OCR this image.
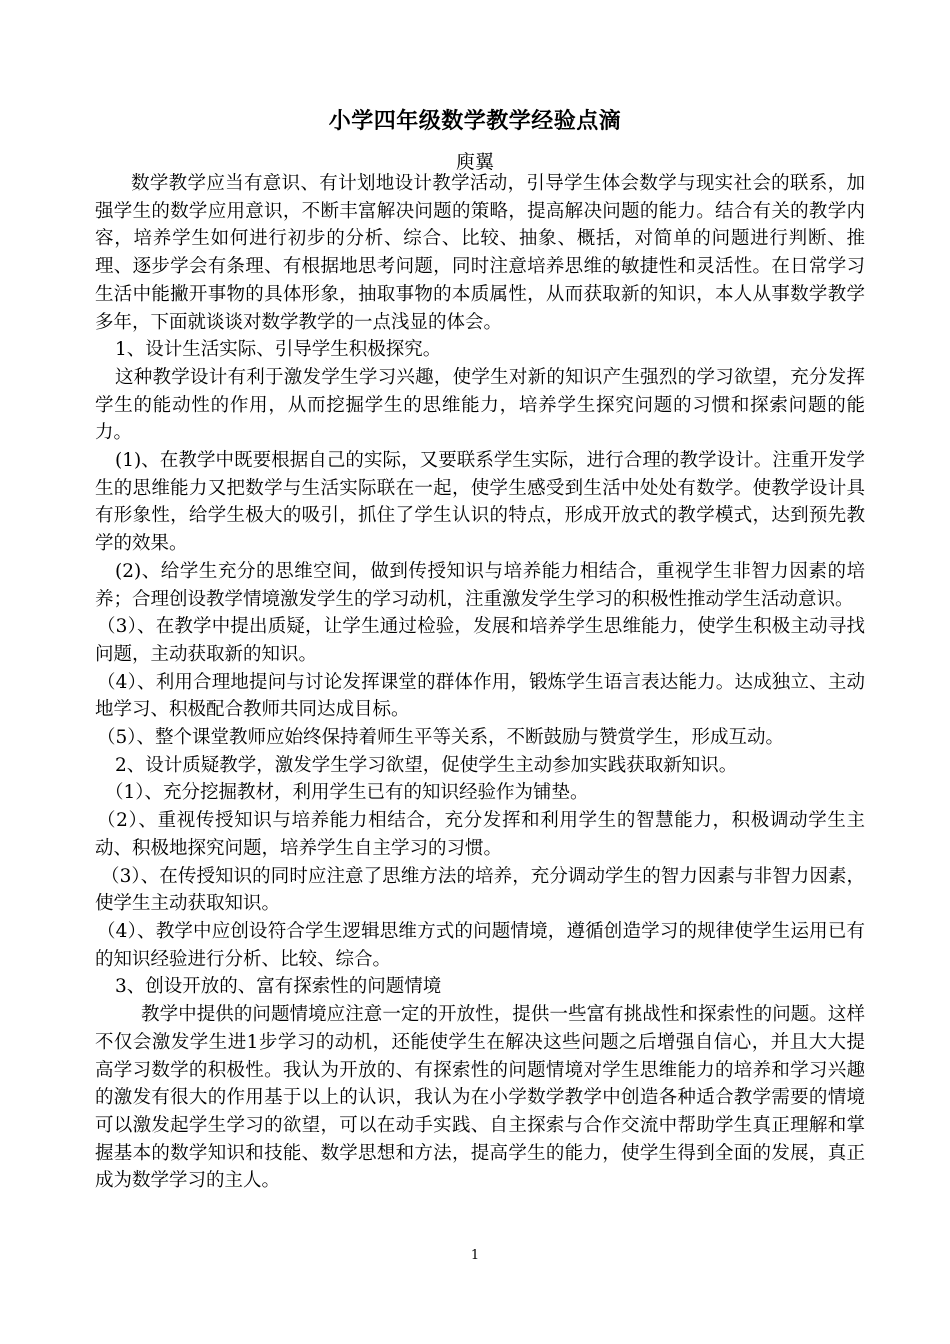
小学四年级数学教学经验点滴
庾翼

数学教学应当有意识、有计划地设计教学活动，引导学生体会数学与现实社会的联系，加强学生的数学应用意识，不断丰富解决问题的策略，提高解决问题的能力。结合有关的教学内容，培养学生如何进行初步的分析、综合、比较、抽象、概括，对简单的问题进行判断、推理、逐步学会有条理、有根据地思考问题，同时注意培养思维的敏捷性和灵活性。在日常学习生活中能撇开事物的具体形象，抽取事物的本质属性，从而获取新的知识，本人从事数学教学多年，下面就谈谈对数学教学的一点浅显的体会。

1、设计生活实际、引导学生积极探究。

这种教学设计有利于激发学生学习兴趣，使学生对新的知识产生强烈的学习欲望，充分发挥学生的能动性的作用，从而挖掘学生的思维能力，培养学生探究问题的习惯和探索问题的能力。

(1)、在教学中既要根据自己的实际，又要联系学生实际，进行合理的教学设计。注重开发学生的思维能力又把数学与生活实际联在一起，使学生感受到生活中处处有数学。使教学设计具有形象性，给学生极大的吸引，抓住了学生认识的特点，形成开放式的教学模式，达到预先教学的效果。

(2)、给学生充分的思维空间，做到传授知识与培养能力相结合，重视学生非智力因素的培养；合理创设教学情境激发学生的学习动机，注重激发学生学习的积极性推动学生活动意识。

（3）、在教学中提出质疑，让学生通过检验，发展和培养学生思维能力，使学生积极主动寻找问题，主动获取新的知识。

（4）、利用合理地提问与讨论发挥课堂的群体作用，锻炼学生语言表达能力。达成独立、主动地学习、积极配合教师共同达成目标。

（5）、整个课堂教师应始终保持着师生平等关系，不断鼓励与赞赏学生，形成互动。

2、设计质疑教学，激发学生学习欲望，促使学生主动参加实践获取新知识。

（1）、充分挖掘教材，利用学生已有的知识经验作为铺垫。

（2）、重视传授知识与培养能力相结合，充分发挥和利用学生的智慧能力，积极调动学生主动、积极地探究问题，培养学生自主学习的习惯。

（3）、在传授知识的同时应注意了思维方法的培养，充分调动学生的智力因素与非智力因素，使学生主动获取知识。

（4）、教学中应创设符合学生逻辑思维方式的问题情境，遵循创造学习的规律使学生运用已有的知识经验进行分析、比较、综合。

3、创设开放的、富有探索性的问题情境

教学中提供的问题情境应注意一定的开放性，提供一些富有挑战性和探索性的问题。这样不仅会激发学生进1步学习的动机，还能使学生在解决这些问题之后增强自信心，并且大大提高学习数学的积极性。我认为开放的、有探索性的问题情境对学生思维能力的培养和学习兴趣的激发有很大的作用基于以上的认识，我认为在小学数学教学中创造各种适合教学需要的情境可以激发起学生学习的欲望，可以在动手实践、自主探索与合作交流中帮助学生真正理解和掌握基本的数学知识和技能、数学思想和方法，提高学生的能力，使学生得到全面的发展，真正成为数学学习的主人。

1
